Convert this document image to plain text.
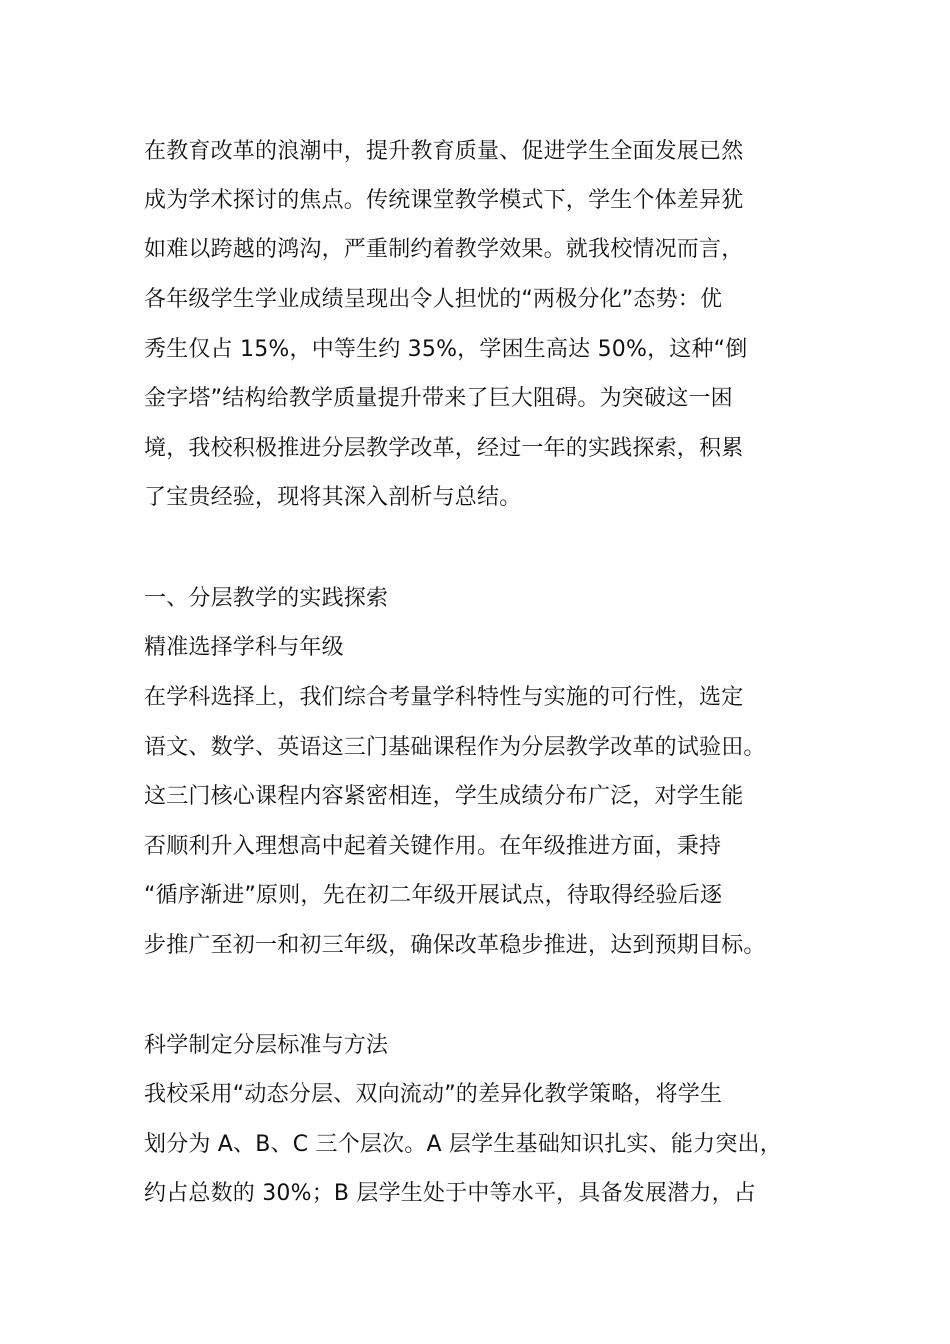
在教育改革的浪潮中，提升教育质量、促进学生全面发展已然
成为学术探讨的焦点。传统课堂教学模式下，学生个体差异犹
如难以跨越的鸿沟，严重制约着教学效果。就我校情况而言，
各年级学生学业成绩呈现出令人担忧的“两极分化”态势：优
秀生仅占 15%，中等生约 35%，学困生高达 50%，这种“倒
金字塔”结构给教学质量提升带来了巨大阻碍。为突破这一困
境，我校积极推进分层教学改革，经过一年的实践探索，积累
了宝贵经验，现将其深入剖析与总结。
一、分层教学的实践探索
精准选择学科与年级
在学科选择上，我们综合考量学科特性与实施的可行性，选定
语文、数学、英语这三门基础课程作为分层教学改革的试验田。
这三门核心课程内容紧密相连，学生成绩分布广泛，对学生能
否顺利升入理想高中起着关键作用。在年级推进方面，秉持
“循序渐进”原则，先在初二年级开展试点，待取得经验后逐
步推广至初一和初三年级，确保改革稳步推进，达到预期目标。
科学制定分层标准与方法
我校采用“动态分层、双向流动”的差异化教学策略，将学生
划分为 A、B、C 三个层次。A 层学生基础知识扎实、能力突出，
约占总数的 30%；B 层学生处于中等水平，具备发展潜力，占
